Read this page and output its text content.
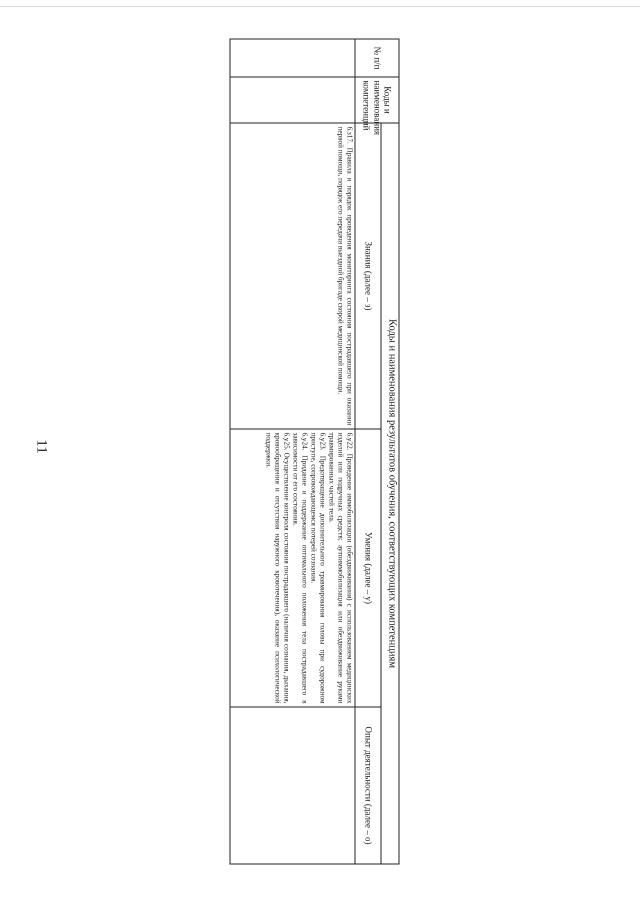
11
№ п/п	Коды и наименования компетенций	Коды и наименования результатов обучения, соответствующих компетенциям		
		Знания (далее – з)	Умения (далее – у)	Опыт деятельности (далее – о)

		6.з17. Правила и порядок проведения мониторинга состояния пострадавшего при оказании первой помощи, порядок его передачи выездной бригаде скорой медицинской помощи.	6.у22. Проведение иммобилизации (обездвиживания) с использованием медицинских изделий или подручных средств; аутоиммобилизация или обездвиживание руками травмированных частей тела.
6.у23. Предотвращение дополнительного травмирования головы при судорожном приступе, сопровождающемся потерей сознания.
6.у24. Придание и поддержание оптимального положения тела пострадавшего в зависимости от его состояния.
6.у25. Осуществление контроля состояния пострадавшего (наличия сознания, дыхания, кровообращения и отсутствия наружного кровотечения), оказание психологической поддержки.	
